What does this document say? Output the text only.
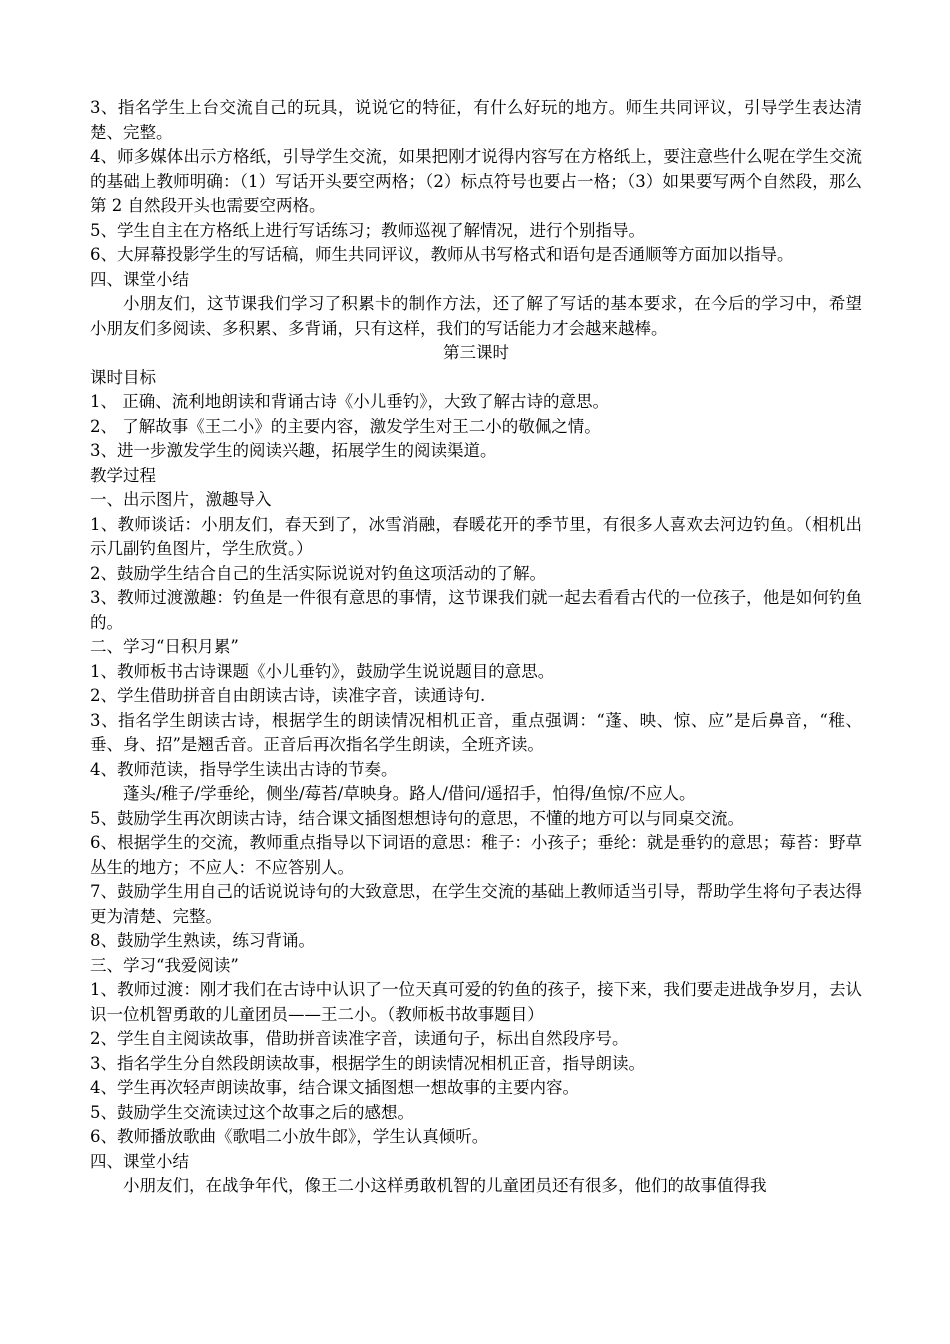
3、指名学生上台交流自己的玩具，说说它的特征，有什么好玩的地方。师生共同评议，引导学生表达清楚、完整。

4、师多媒体出示方格纸，引导学生交流，如果把刚才说得内容写在方格纸上，要注意些什么呢在学生交流的基础上教师明确：（1）写话开头要空两格；（2）标点符号也要占一格；（3）如果要写两个自然段，那么第 2 自然段开头也需要空两格。

5、学生自主在方格纸上进行写话练习；教师巡视了解情况，进行个别指导。

6、大屏幕投影学生的写话稿，师生共同评议，教师从书写格式和语句是否通顺等方面加以指导。

四、课堂小结

小朋友们，这节课我们学习了积累卡的制作方法，还了解了写话的基本要求，在今后的学习中，希望小朋友们多阅读、多积累、多背诵，只有这样，我们的写话能力才会越来越棒。

第三课时

课时目标

1、 正确、流利地朗读和背诵古诗《小儿垂钓》，大致了解古诗的意思。

2、 了解故事《王二小》的主要内容，激发学生对王二小的敬佩之情。

3、进一步激发学生的阅读兴趣，拓展学生的阅读渠道。

教学过程

一、出示图片，激趣导入

1、教师谈话：小朋友们，春天到了，冰雪消融，春暖花开的季节里，有很多人喜欢去河边钓鱼。（相机出示几副钓鱼图片，学生欣赏。）

2、鼓励学生结合自己的生活实际说说对钓鱼这项活动的了解。

3、教师过渡激趣：钓鱼是一件很有意思的事情，这节课我们就一起去看看古代的一位孩子，他是如何钓鱼的。

二、学习“日积月累”

1、教师板书古诗课题《小儿垂钓》，鼓励学生说说题目的意思。

2、学生借助拼音自由朗读古诗，读准字音，读通诗句.

3、指名学生朗读古诗，根据学生的朗读情况相机正音，重点强调：“蓬、映、惊、应”是后鼻音，“稚、垂、身、招”是翘舌音。正音后再次指名学生朗读，全班齐读。

4、教师范读，指导学生读出古诗的节奏。

蓬头/稚子/学垂纶，侧坐/莓苔/草映身。路人/借问/遥招手，怕得/鱼惊/不应人。

5、鼓励学生再次朗读古诗，结合课文插图想想诗句的意思，不懂的地方可以与同桌交流。

6、根据学生的交流，教师重点指导以下词语的意思：稚子：小孩子；垂纶：就是垂钓的意思；莓苔：野草丛生的地方；不应人：不应答别人。

7、鼓励学生用自己的话说说诗句的大致意思，在学生交流的基础上教师适当引导，帮助学生将句子表达得更为清楚、完整。

8、鼓励学生熟读，练习背诵。

三、学习“我爱阅读”

1、教师过渡：刚才我们在古诗中认识了一位天真可爱的钓鱼的孩子，接下来，我们要走进战争岁月，去认识一位机智勇敢的儿童团员——王二小。（教师板书故事题目）

2、学生自主阅读故事，借助拼音读准字音，读通句子，标出自然段序号。

3、指名学生分自然段朗读故事，根据学生的朗读情况相机正音，指导朗读。

4、学生再次轻声朗读故事，结合课文插图想一想故事的主要内容。

5、鼓励学生交流读过这个故事之后的感想。

6、教师播放歌曲《歌唱二小放牛郎》，学生认真倾听。

四、课堂小结

小朋友们，在战争年代，像王二小这样勇敢机智的儿童团员还有很多，他们的故事值得我
